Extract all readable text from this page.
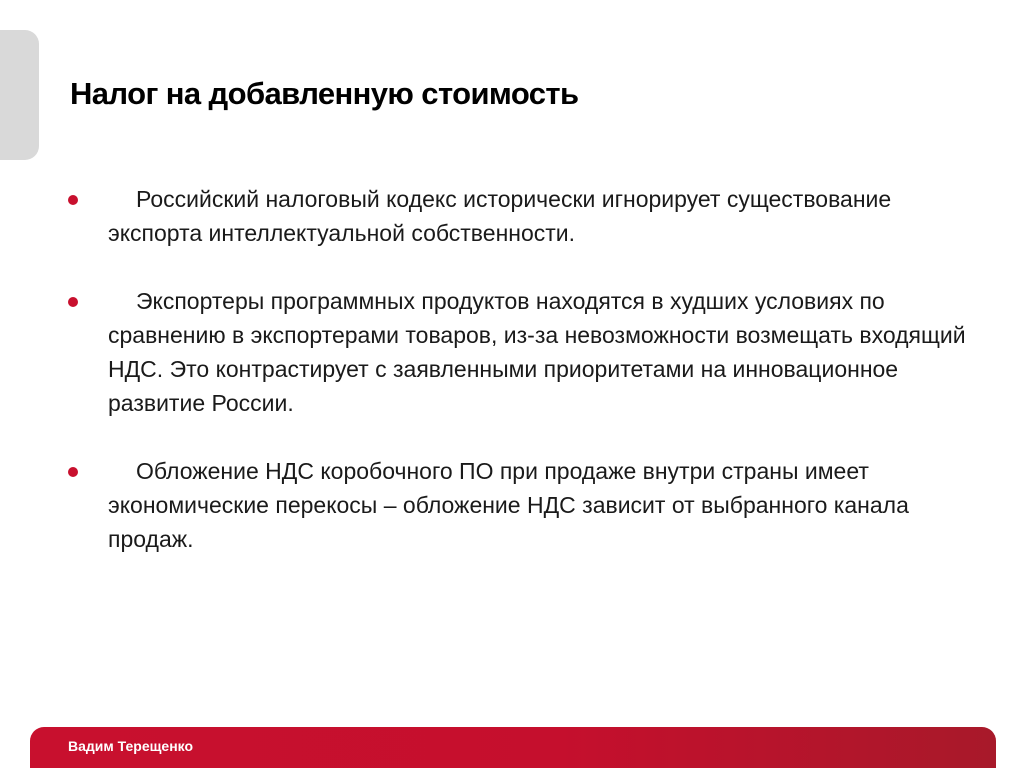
Налог на добавленную стоимость
Российский налоговый кодекс исторически игнорирует существование экспорта интеллектуальной собственности.
Экспортеры программных продуктов находятся в худших условиях по сравнению в экспортерами товаров, из-за невозможности возмещать входящий НДС. Это контрастирует с заявленными приоритетами на инновационное развитие России.
Обложение НДС коробочного ПО при продаже внутри страны имеет экономические перекосы – обложение НДС зависит от выбранного канала продаж.
Вадим Терещенко
